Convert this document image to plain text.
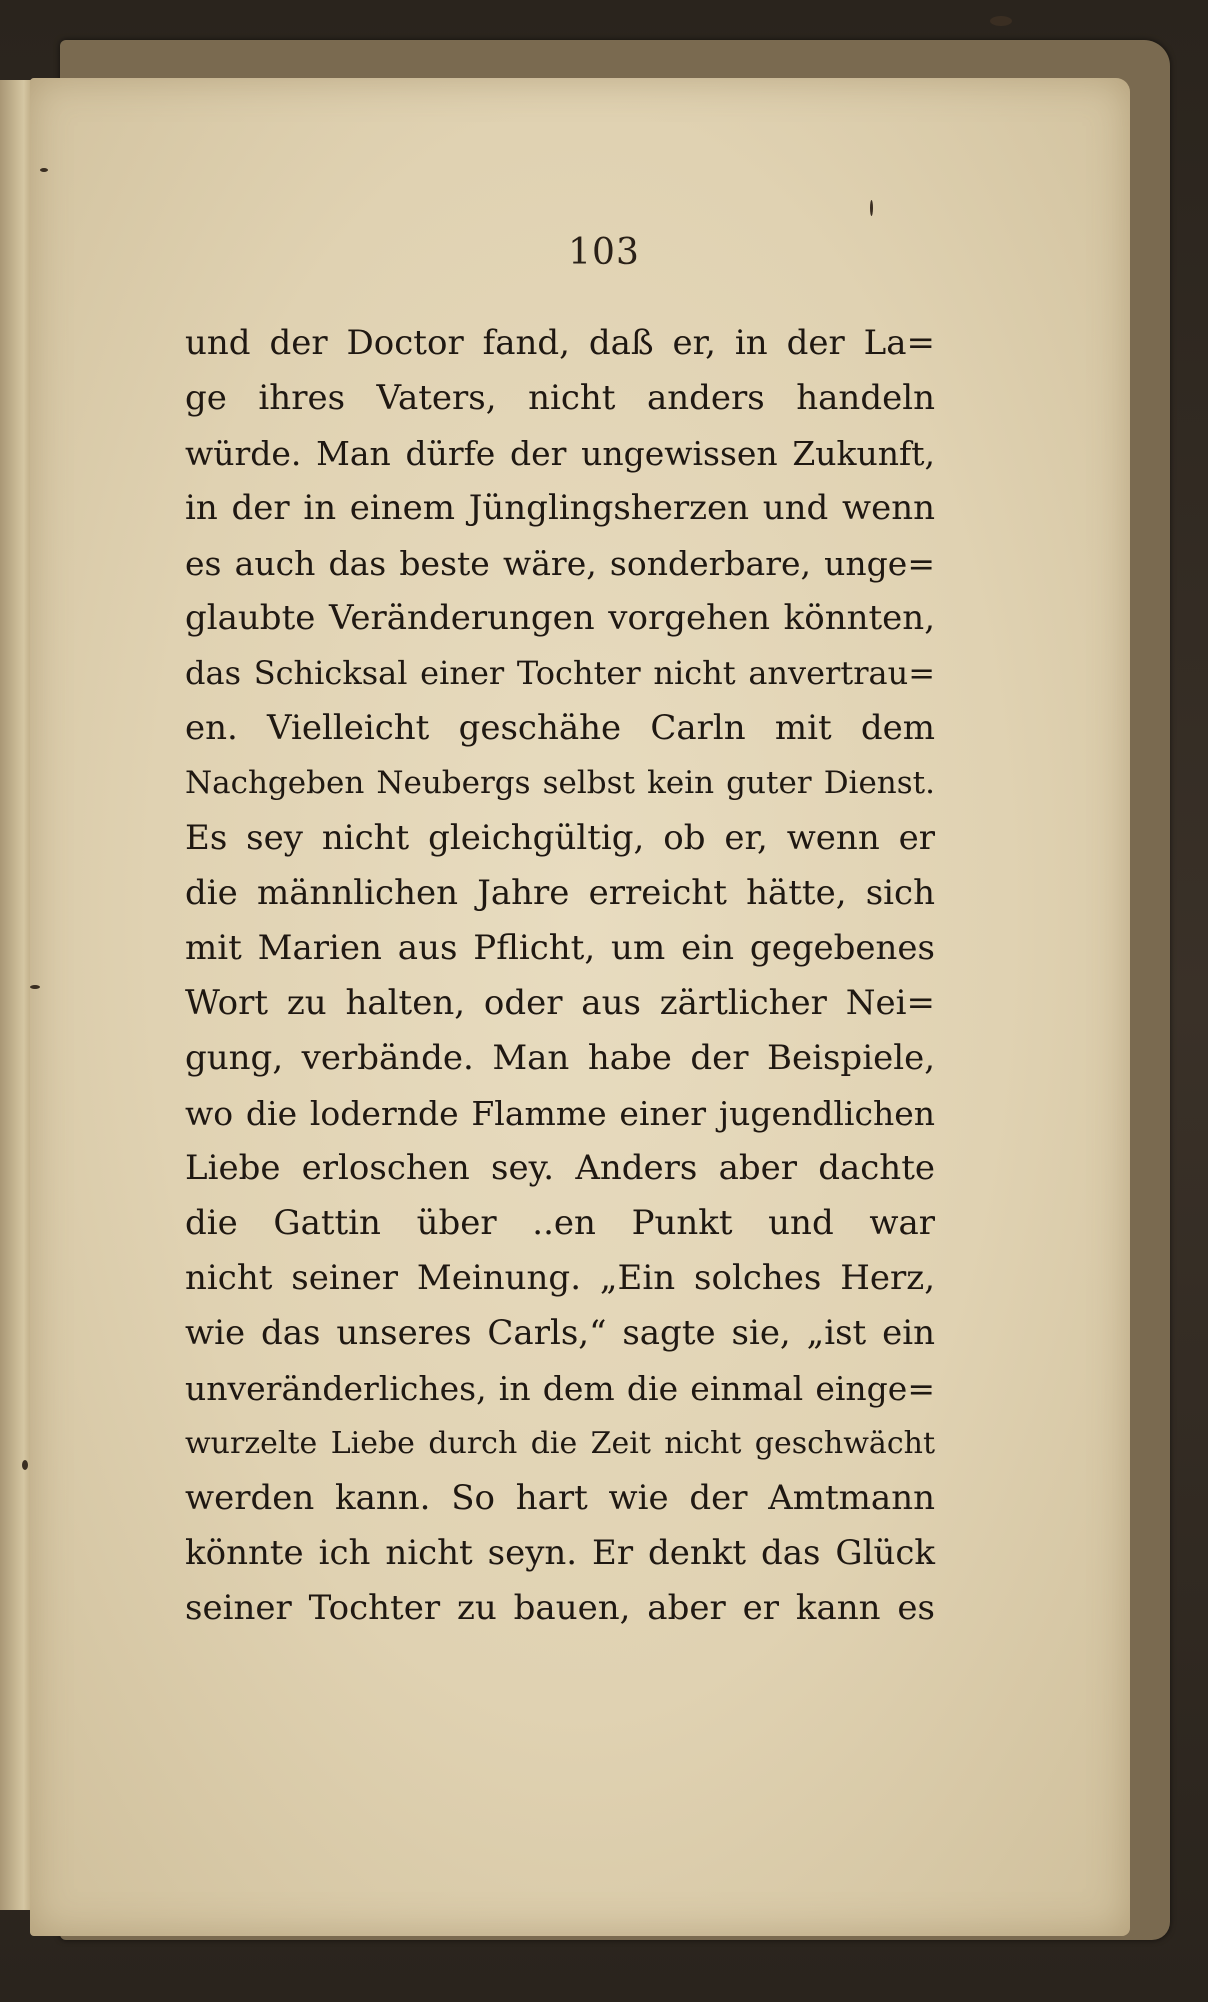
103
und der Doctor fand, daß er, in der La=
ge ihres Vaters, nicht anders handeln
würde. Man dürfe der ungewissen Zukunft,
in der in einem Jünglingsherzen und wenn
es auch das beste wäre, sonderbare, unge=
glaubte Veränderungen vorgehen könnten,
das Schicksal einer Tochter nicht anvertrau=
en. Vielleicht geschähe Carln mit dem
Nachgeben Neubergs selbst kein guter Dienst.
Es sey nicht gleichgültig, ob er, wenn er
die männlichen Jahre erreicht hätte, sich
mit Marien aus Pflicht, um ein gegebenes
Wort zu halten, oder aus zärtlicher Nei=
gung, verbände. Man habe der Beispiele,
wo die lodernde Flamme einer jugendlichen
Liebe erloschen sey. Anders aber dachte
die Gattin über ..en Punkt und war
nicht seiner Meinung. „Ein solches Herz,
wie das unseres Carls,“ sagte sie, „ist ein
unveränderliches, in dem die einmal einge=
wurzelte Liebe durch die Zeit nicht geschwächt
werden kann. So hart wie der Amtmann
könnte ich nicht seyn. Er denkt das Glück
seiner Tochter zu bauen, aber er kann es
